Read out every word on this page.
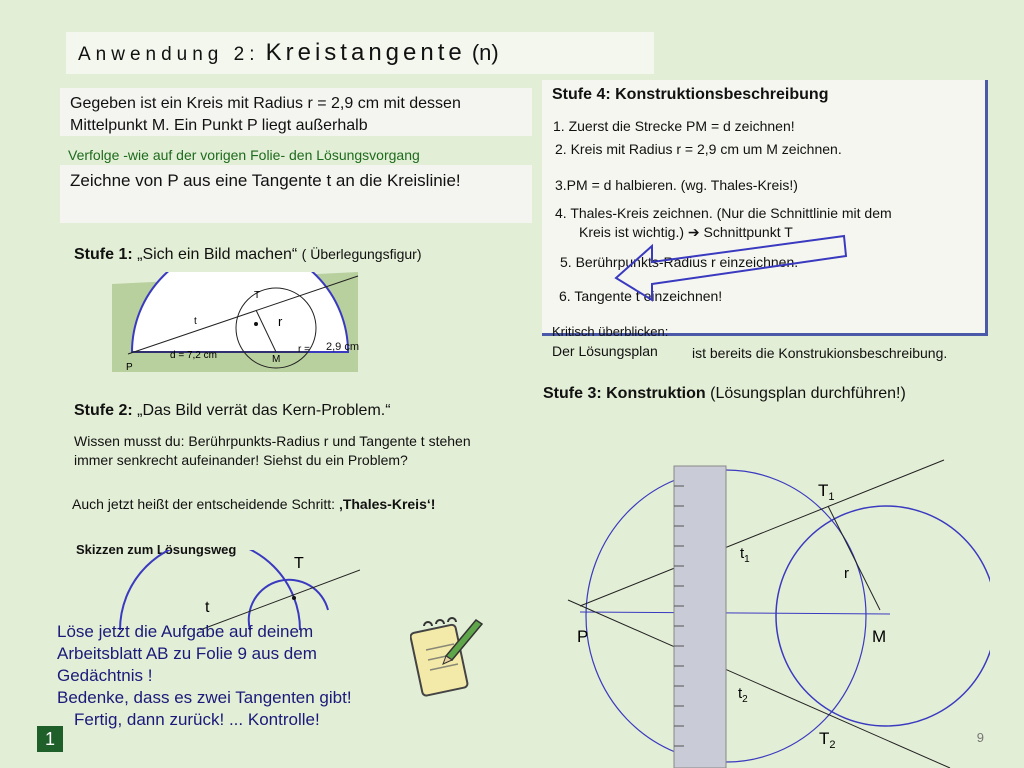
Anwendung 2: Kreistangente (n)
Gegeben ist ein Kreis mit Radius r = 2,9 cm mit dessen Mittelpunkt M. Ein Punkt P liegt außerhalb
Verfolge -wie auf der vorigen Folie- den Lösungsvorgang
Zeichne von P aus eine Tangente t an die Kreislinie!
Stufe 1: „Sich ein Bild machen“ ( Überlegungsfigur)
T
t	r
d = 7,2 cm	M
P
r = 2,9 cm
Stufe 2: „Das Bild verrät das Kern-Problem.“
Wissen musst du: Berührpunkts-Radius r und Tangente t stehen immer senkrecht aufeinander! Siehst du ein Problem?
Auch jetzt heißt der entscheidende Schritt: ‚Thales-Kreis‘!
Skizzen zum Lösungsweg
T
t
Löse jetzt die Aufgabe auf deinem
Arbeitsblatt AB zu Folie 9 aus dem
Gedächtnis !
Bedenke, dass es zwei Tangenten gibt!
Fertig, dann zurück! ... Kontrolle!
1
Stufe 4: Konstruktionsbeschreibung
1. Zuerst die Strecke PM = d zeichnen!
2. Kreis mit Radius r = 2,9 cm um M zeichnen.
3.PM = d halbieren. (wg. Thales-Kreis!)
4. Thales-Kreis zeichnen. (Nur die Schnittlinie mit dem
Kreis ist wichtig.) ➔ Schnittpunkt T
5. Berührpunkts-Radius r einzeichnen.
6. Tangente t einzeichnen!
Kritisch überblicken:
Der Lösungsplan ist bereits die Konstrukionsbeschreibung.
Stufe 3: Konstruktion (Lösungsplan durchführen!)
$T_1$
$t_1$
r
P	M
$t_2$
$T_2$	9
